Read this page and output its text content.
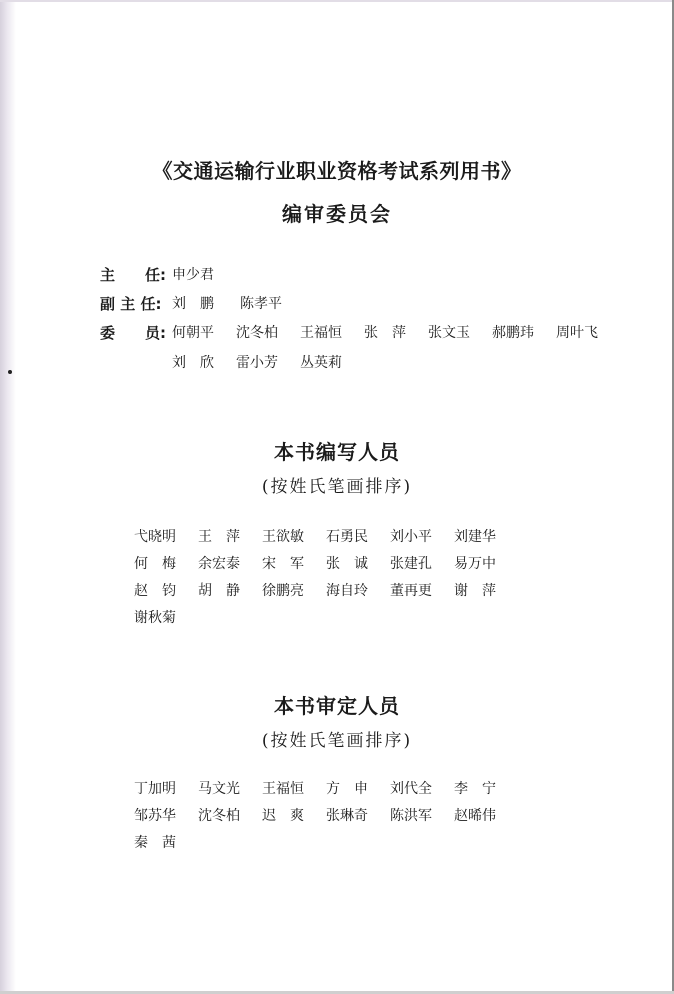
《交通运输行业职业资格考试系列用书》
编审委员会
主　　任: 申少君
副 主 任: 刘　鹏 陈孝平
委　　员: 何朝平 沈冬柏 王福恒 张　萍 张文玉 郝鹏玮 周叶飞
刘　欣 雷小芳 丛英莉
本书编写人员
(按姓氏笔画排序)
弋晓明	王　萍	王欲敏	石勇民	刘小平	刘建华
何　梅	余宏泰	宋　军	张　诚	张建孔	易万中
赵　钧	胡　静	徐鹏亮	海自玲	董再更	谢　萍
谢秋菊
本书审定人员
(按姓氏笔画排序)
丁加明	马文光	王福恒	方　申	刘代全	李　宁
邹苏华	沈冬柏	迟　爽	张琳奇	陈洪军	赵晞伟
秦　茜
